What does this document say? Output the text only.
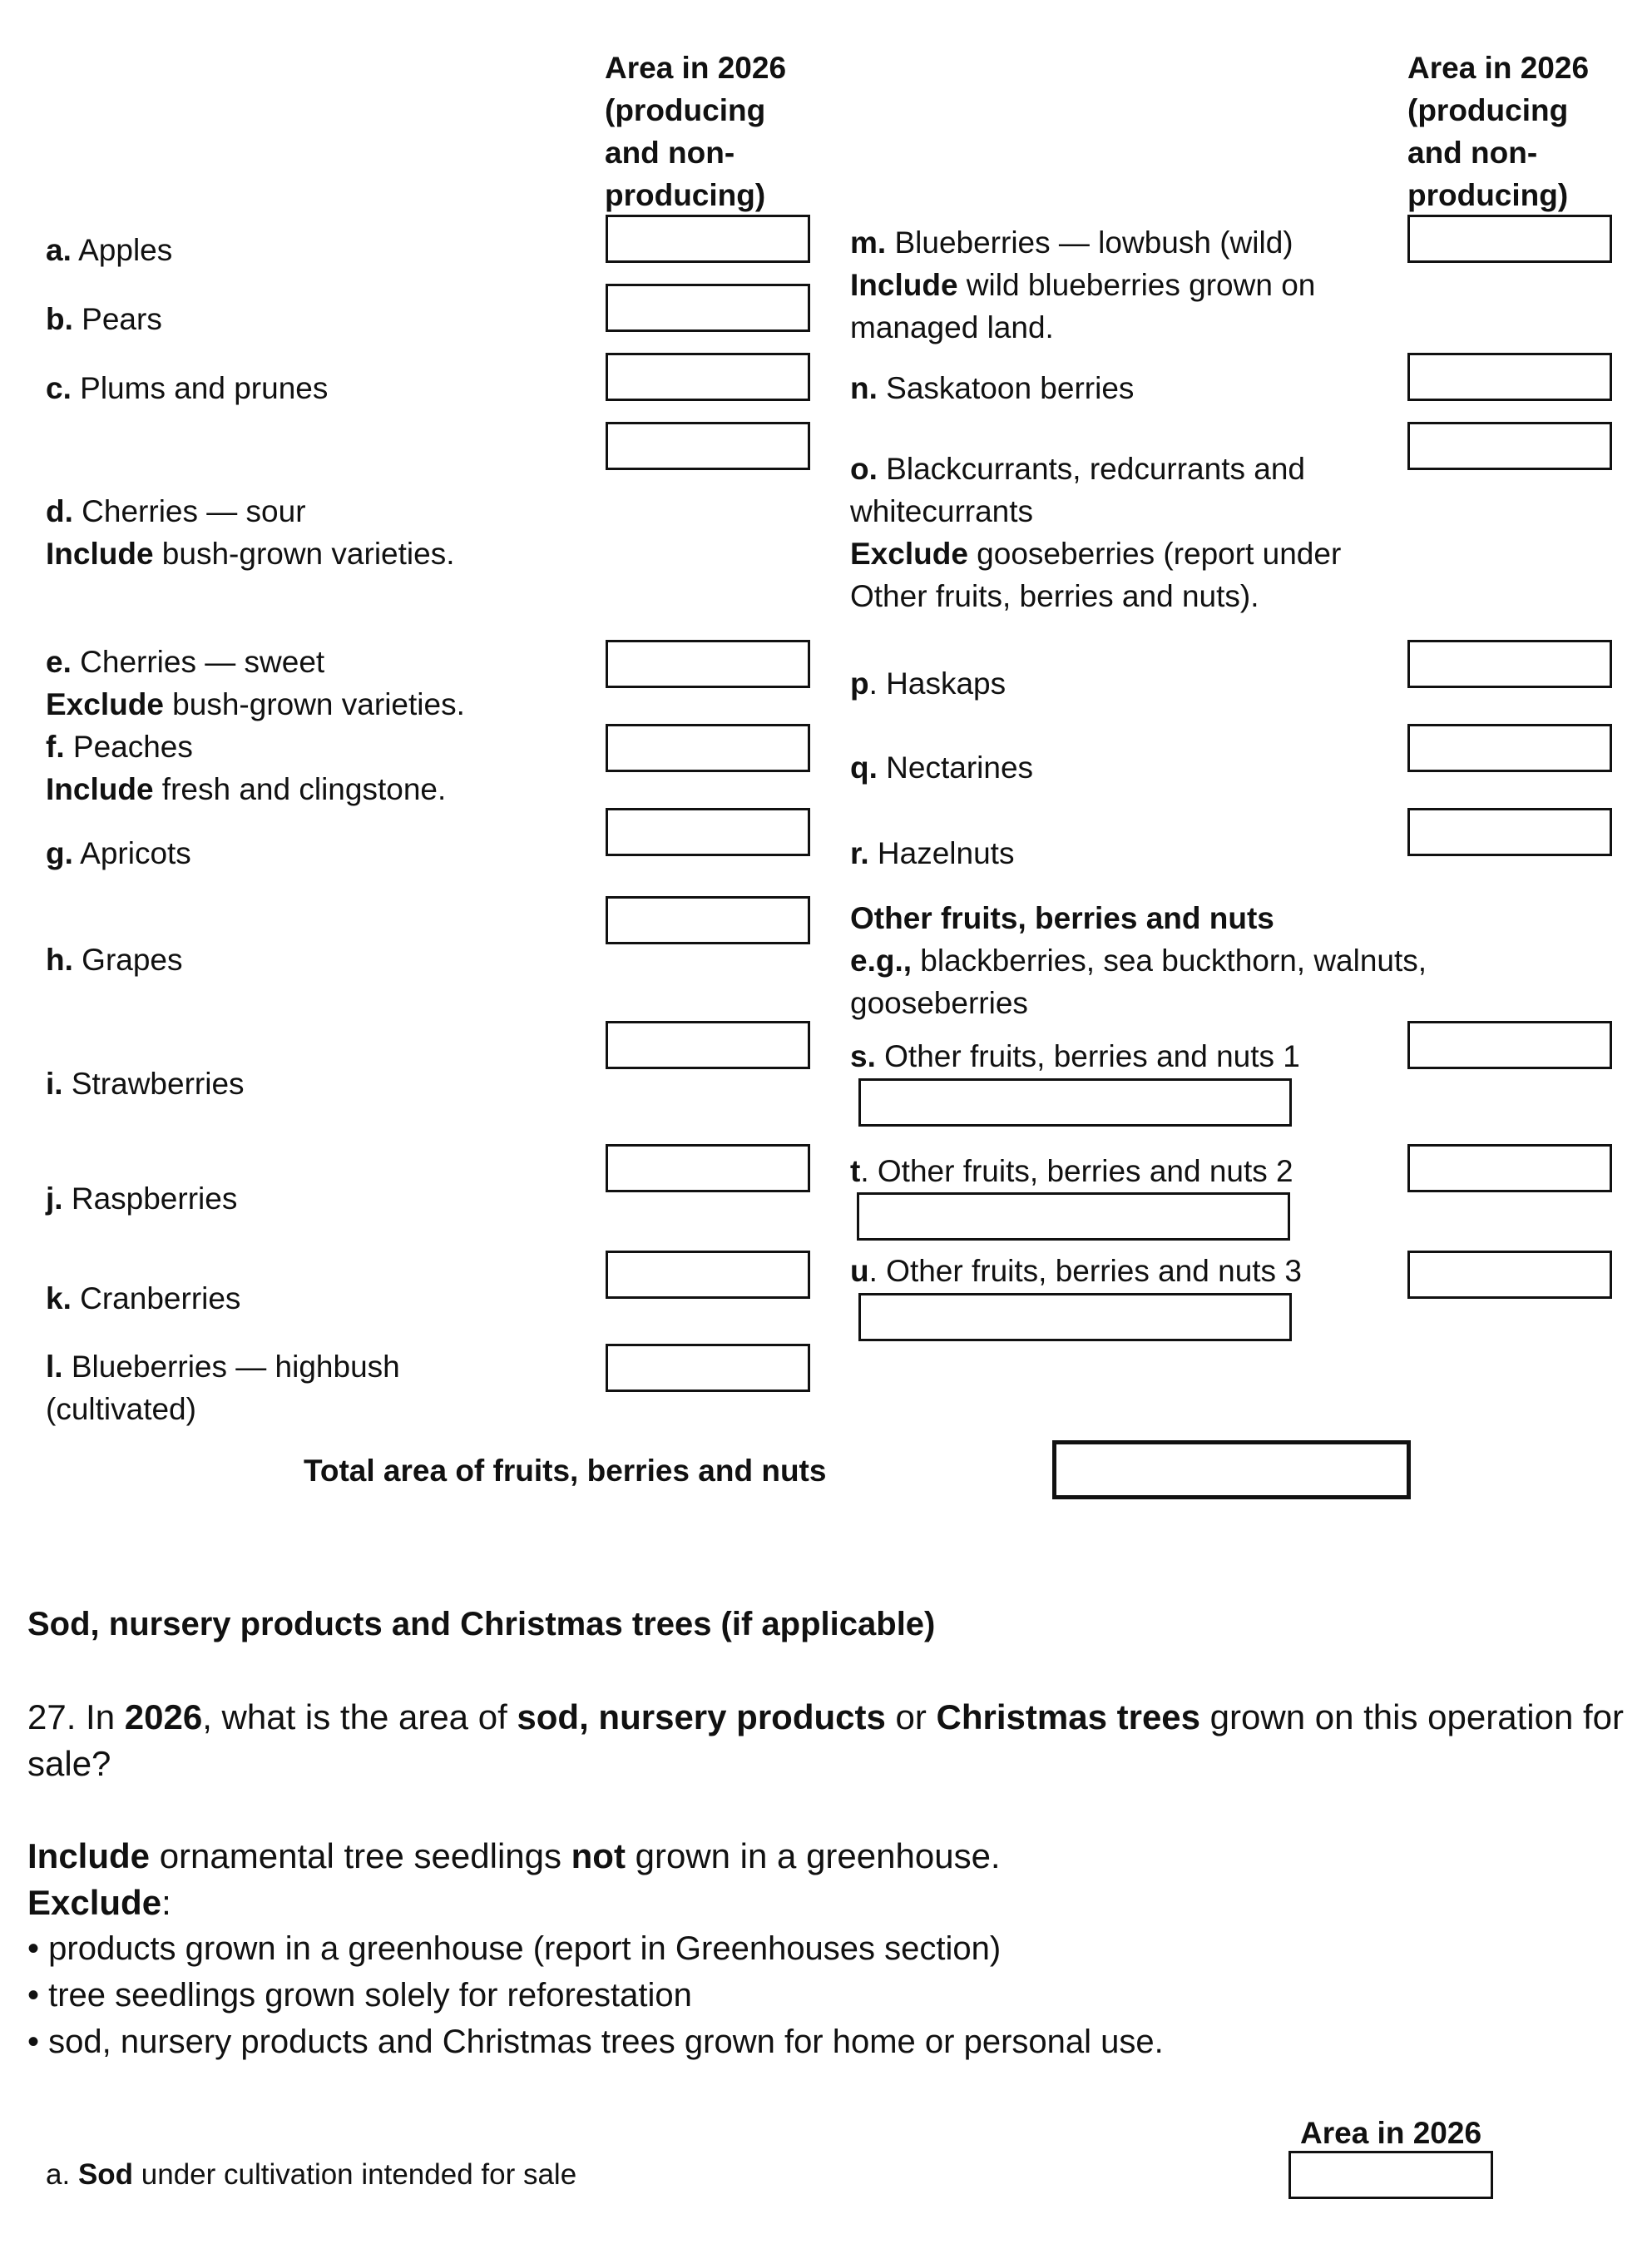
Area in 2026
(producing
and non-
producing)
Area in 2026
(producing
and non-
producing)
a. Apples
b. Pears
c. Plums and prunes
d. Cherries — sour
Include bush-grown varieties.
e. Cherries — sweet
Exclude bush-grown varieties.
f. Peaches
Include fresh and clingstone.
g. Apricots
h. Grapes
i. Strawberries
j. Raspberries
k. Cranberries
l. Blueberries — highbush
(cultivated)
m. Blueberries — lowbush (wild)
Include wild blueberries grown on
managed land.
n. Saskatoon berries
o. Blackcurrants, redcurrants and
whitecurrants
Exclude gooseberries (report under
Other fruits, berries and nuts).
p. Haskaps
q. Nectarines
r. Hazelnuts
Other fruits, berries and nuts
e.g., blackberries, sea buckthorn, walnuts,
gooseberries
s. Other fruits, berries and nuts 1
t. Other fruits, berries and nuts 2
u. Other fruits, berries and nuts 3
Total area of fruits, berries and nuts
Sod, nursery products and Christmas trees (if applicable)
27. In 2026, what is the area of sod, nursery products or Christmas trees grown on this operation for
sale?
Include ornamental tree seedlings not grown in a greenhouse.
Exclude:
• products grown in a greenhouse (report in Greenhouses section)
• tree seedlings grown solely for reforestation
• sod, nursery products and Christmas trees grown for home or personal use.
Area in 2026
a. Sod under cultivation intended for sale
